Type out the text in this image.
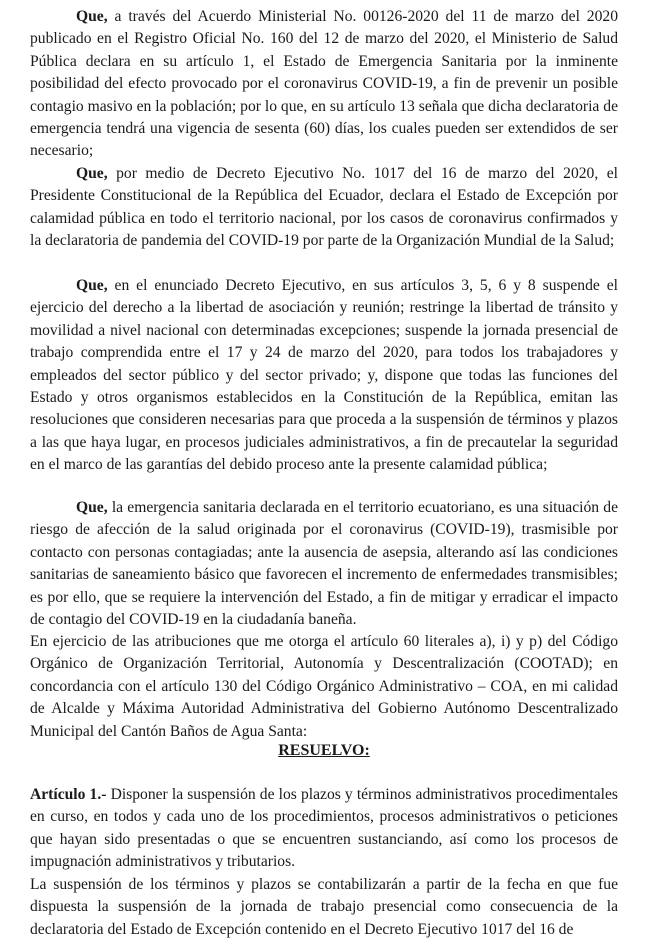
Que, a través del Acuerdo Ministerial No. 00126-2020 del 11 de marzo del 2020 publicado en el Registro Oficial No. 160 del 12 de marzo del 2020, el Ministerio de Salud Pública declara en su artículo 1, el Estado de Emergencia Sanitaria por la inminente posibilidad del efecto provocado por el coronavirus COVID-19, a fin de prevenir un posible contagio masivo en la población; por lo que, en su artículo 13 señala que dicha declaratoria de emergencia tendrá una vigencia de sesenta (60) días, los cuales pueden ser extendidos de ser necesario;

Que, por medio de Decreto Ejecutivo No. 1017 del 16 de marzo del 2020, el Presidente Constitucional de la República del Ecuador, declara el Estado de Excepción por calamidad pública en todo el territorio nacional, por los casos de coronavirus confirmados y la declaratoria de pandemia del COVID-19 por parte de la Organización Mundial de la Salud;

Que, en el enunciado Decreto Ejecutivo, en sus artículos 3, 5, 6 y 8 suspende el ejercicio del derecho a la libertad de asociación y reunión; restringe la libertad de tránsito y movilidad a nivel nacional con determinadas excepciones; suspende la jornada presencial de trabajo comprendida entre el 17 y 24 de marzo del 2020, para todos los trabajadores y empleados del sector público y del sector privado; y, dispone que todas las funciones del Estado y otros organismos establecidos en la Constitución de la República, emitan las resoluciones que consideren necesarias para que proceda a la suspensión de términos y plazos a las que haya lugar, en procesos judiciales administrativos, a fin de precautelar la seguridad en el marco de las garantías del debido proceso ante la presente calamidad pública;

Que, la emergencia sanitaria declarada en el territorio ecuatoriano, es una situación de riesgo de afección de la salud originada por el coronavirus (COVID-19), trasmisible por contacto con personas contagiadas; ante la ausencia de asepsia, alterando así las condiciones sanitarias de saneamiento básico que favorecen el incremento de enfermedades transmisibles; es por ello, que se requiere la intervención del Estado, a fin de mitigar y erradicar el impacto de contagio del COVID-19 en la ciudadanía baneña.

En ejercicio de las atribuciones que me otorga el artículo 60 literales a), i) y p) del Código Orgánico de Organización Territorial, Autonomía y Descentralización (COOTAD); en concordancia con el artículo 130 del Código Orgánico Administrativo – COA, en mi calidad de Alcalde y Máxima Autoridad Administrativa del Gobierno Autónomo Descentralizado Municipal del Cantón Baños de Agua Santa:

RESUELVO:

Artículo 1.- Disponer la suspensión de los plazos y términos administrativos procedimentales en curso, en todos y cada uno de los procedimientos, procesos administrativos o peticiones que hayan sido presentadas o que se encuentren sustanciando, así como los procesos de impugnación administrativos y tributarios.

La suspensión de los términos y plazos se contabilizarán a partir de la fecha en que fue dispuesta la suspensión de la jornada de trabajo presencial como consecuencia de la declaratoria del Estado de Excepción contenido en el Decreto Ejecutivo 1017 del 16 de
